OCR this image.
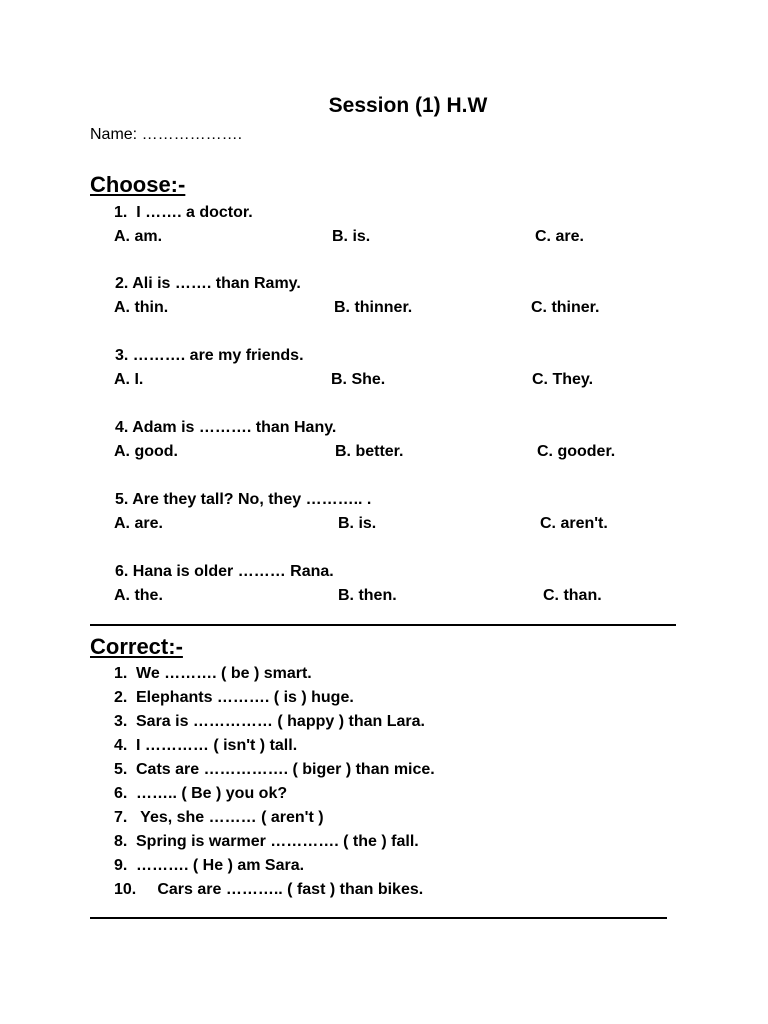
Session (1) H.W
Name: ……………….
Choose:-
1.  I ……. a doctor.
A. am.	B. is.	C. are.
2. Ali is ……. than Ramy.
A. thin.	B. thinner.	C. thiner.
3. ………. are my friends.
A. I.	B. She.	C. They.
4. Adam is ………. than Hany.
A. good.	B. better.	C. gooder.
5. Are they tall? No, they ……….. .
A. are.	B. is.	C. aren't.
6. Hana is older ……… Rana.
A. the.	B. then.	C. than.
Correct:-
1. We ………. ( be ) smart.
2. Elephants ………. ( is ) huge.
3. Sara is …………… ( happy ) than Lara.
4. I ………… ( isn't ) tall.
5. Cats are ……………. ( biger ) than mice.
6. …….. ( Be ) you ok?
7. Yes, she ……… ( aren't )
8. Spring is warmer …………. ( the ) fall.
9. ………. ( He ) am Sara.
10.   Cars are ……….. ( fast ) than bikes.
